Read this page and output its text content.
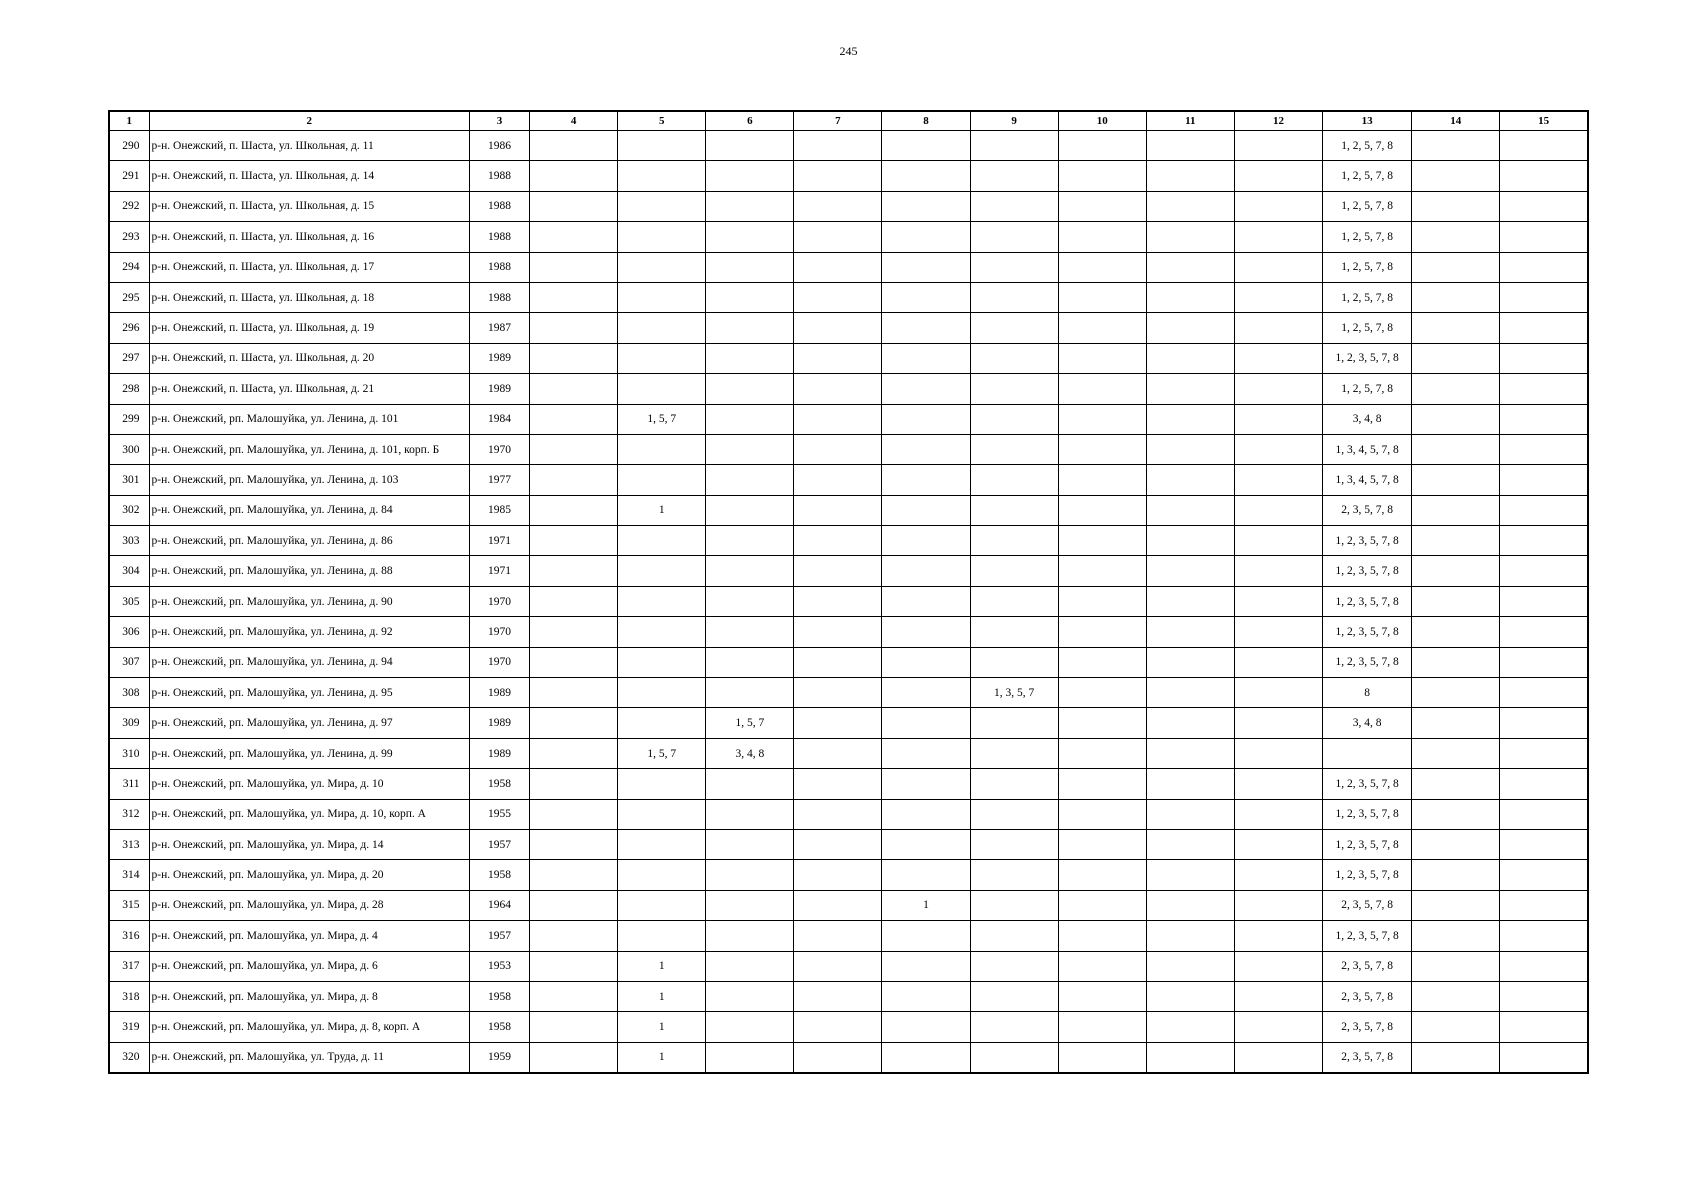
245
1	2	3	4	5	6	7	8	9	10	11	12	13	14	15
290	р-н. Онежский, п. Шаста, ул. Школьная, д. 11	1986										1, 2, 5, 7, 8		
291	р-н. Онежский, п. Шаста, ул. Школьная, д. 14	1988										1, 2, 5, 7, 8		
292	р-н. Онежский, п. Шаста, ул. Школьная, д. 15	1988										1, 2, 5, 7, 8		
293	р-н. Онежский, п. Шаста, ул. Школьная, д. 16	1988										1, 2, 5, 7, 8		
294	р-н. Онежский, п. Шаста, ул. Школьная, д. 17	1988										1, 2, 5, 7, 8		
295	р-н. Онежский, п. Шаста, ул. Школьная, д. 18	1988										1, 2, 5, 7, 8		
296	р-н. Онежский, п. Шаста, ул. Школьная, д. 19	1987										1, 2, 5, 7, 8		
297	р-н. Онежский, п. Шаста, ул. Школьная, д. 20	1989										1, 2, 3, 5, 7, 8		
298	р-н. Онежский, п. Шаста, ул. Школьная, д. 21	1989										1, 2, 5, 7, 8		
299	р-н. Онежский, рп. Малошуйка, ул. Ленина, д. 101	1984		1, 5, 7								3, 4, 8		
300	р-н. Онежский, рп. Малошуйка, ул. Ленина, д. 101, корп. Б	1970										1, 3, 4, 5, 7, 8		
301	р-н. Онежский, рп. Малошуйка, ул. Ленина, д. 103	1977										1, 3, 4, 5, 7, 8		
302	р-н. Онежский, рп. Малошуйка, ул. Ленина, д. 84	1985		1								2, 3, 5, 7, 8		
303	р-н. Онежский, рп. Малошуйка, ул. Ленина, д. 86	1971										1, 2, 3, 5, 7, 8		
304	р-н. Онежский, рп. Малошуйка, ул. Ленина, д. 88	1971										1, 2, 3, 5, 7, 8		
305	р-н. Онежский, рп. Малошуйка, ул. Ленина, д. 90	1970										1, 2, 3, 5, 7, 8		
306	р-н. Онежский, рп. Малошуйка, ул. Ленина, д. 92	1970										1, 2, 3, 5, 7, 8		
307	р-н. Онежский, рп. Малошуйка, ул. Ленина, д. 94	1970										1, 2, 3, 5, 7, 8		
308	р-н. Онежский, рп. Малошуйка, ул. Ленина, д. 95	1989						1, 3, 5, 7				8		
309	р-н. Онежский, рп. Малошуйка, ул. Ленина, д. 97	1989			1, 5, 7							3, 4, 8		
310	р-н. Онежский, рп. Малошуйка, ул. Ленина, д. 99	1989		1, 5, 7	3, 4, 8									
311	р-н. Онежский, рп. Малошуйка, ул. Мира, д. 10	1958										1, 2, 3, 5, 7, 8		
312	р-н. Онежский, рп. Малошуйка, ул. Мира, д. 10, корп. А	1955										1, 2, 3, 5, 7, 8		
313	р-н. Онежский, рп. Малошуйка, ул. Мира, д. 14	1957										1, 2, 3, 5, 7, 8		
314	р-н. Онежский, рп. Малошуйка, ул. Мира, д. 20	1958										1, 2, 3, 5, 7, 8		
315	р-н. Онежский, рп. Малошуйка, ул. Мира, д. 28	1964					1					2, 3, 5, 7, 8		
316	р-н. Онежский, рп. Малошуйка, ул. Мира, д. 4	1957										1, 2, 3, 5, 7, 8		
317	р-н. Онежский, рп. Малошуйка, ул. Мира, д. 6	1953		1								2, 3, 5, 7, 8		
318	р-н. Онежский, рп. Малошуйка, ул. Мира, д. 8	1958		1								2, 3, 5, 7, 8		
319	р-н. Онежский, рп. Малошуйка, ул. Мира, д. 8, корп. А	1958		1								2, 3, 5, 7, 8		
320	р-н. Онежский, рп. Малошуйка, ул. Труда, д. 11	1959		1								2, 3, 5, 7, 8		
